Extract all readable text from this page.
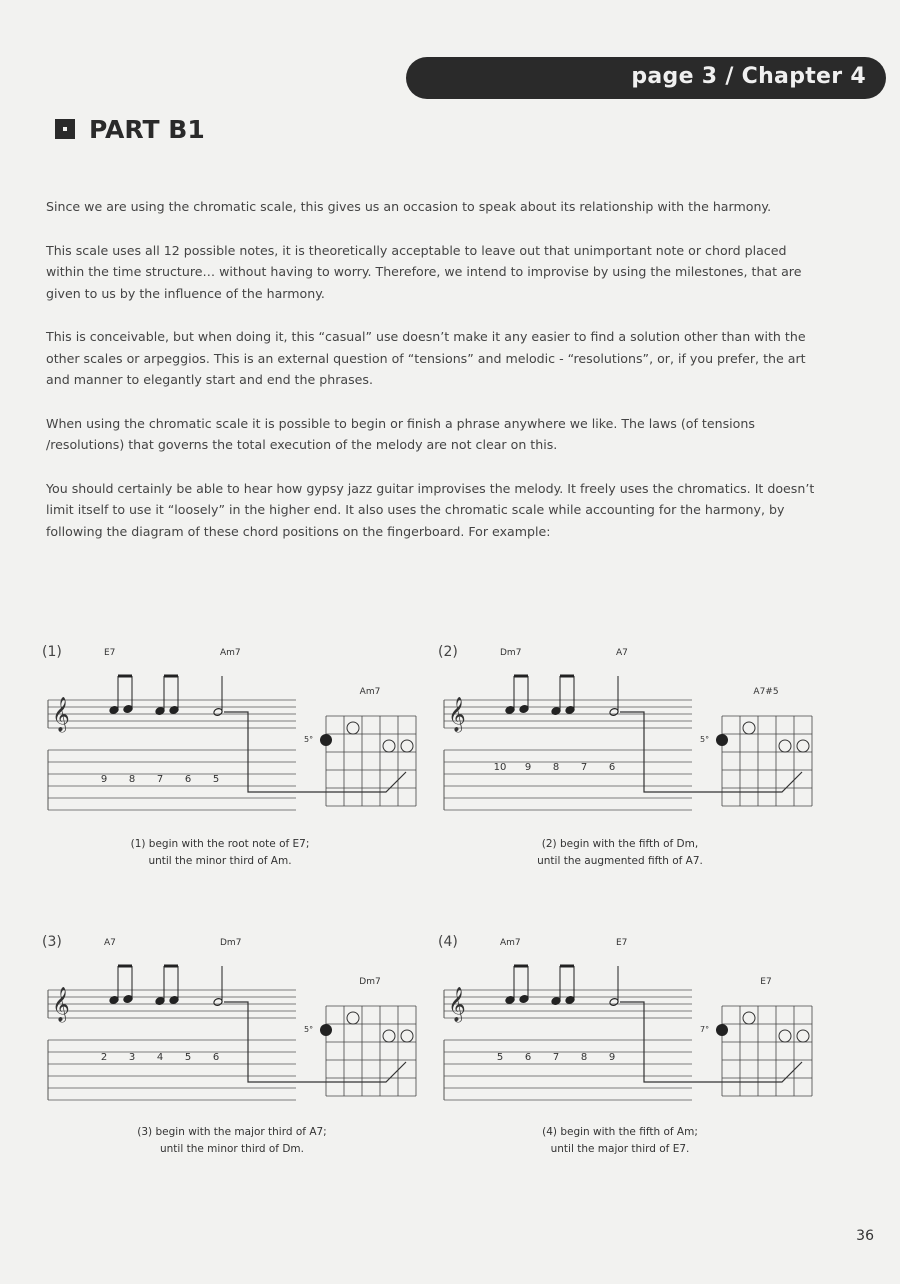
page 3 / Chapter 4
PART B1

Since we are using the chromatic scale, this gives us an occasion to speak about its relationship with the harmony.

This scale uses all 12 possible notes, it is theoretically acceptable to leave out that unimportant note or chord placed within the time structure… without having to worry. Therefore, we intend to improvise by using the milestones, that are given to us by the influence of the harmony.

This is conceivable, but when doing it, this “casual” use doesn’t make it any easier to find a solution other than with the other scales or arpeggios. This is an external question of “tensions” and melodic - “resolutions”, or, if you prefer, the art and manner to elegantly start and end the phrases.

When using the chromatic scale it is possible to begin or finish a phrase anywhere we like. The laws (of tensions /resolutions) that governs the total execution of the melody are not clear on this.

You should certainly be able to hear how gypsy jazz guitar improvises the melody. It freely uses the chromatics. It doesn’t limit itself to use it “loosely” in the higher end. It also uses the chromatic scale while accounting for the harmony, by following the diagram of these chord positions on the fingerboard. For example:

(1)	E7	Am7
𝄞
9 8 7 6 5
Am7
5°
(2)	Dm7	A7
𝄞
10 9 8 7 6
A7#5
5°
(3)	A7	Dm7
𝄞
2 3 4 5 6
Dm7
5°
(4)	Am7	E7
𝄞
5 6 7 8 9
E7
7°
(1) begin with the root note of E7;
until the minor third of Am.
(2) begin with the fifth of Dm,
until the augmented fifth of A7.
(3) begin with the major third of A7;
until the minor third of Dm.
(4) begin with the fifth of Am;
until the major third of E7.
36
